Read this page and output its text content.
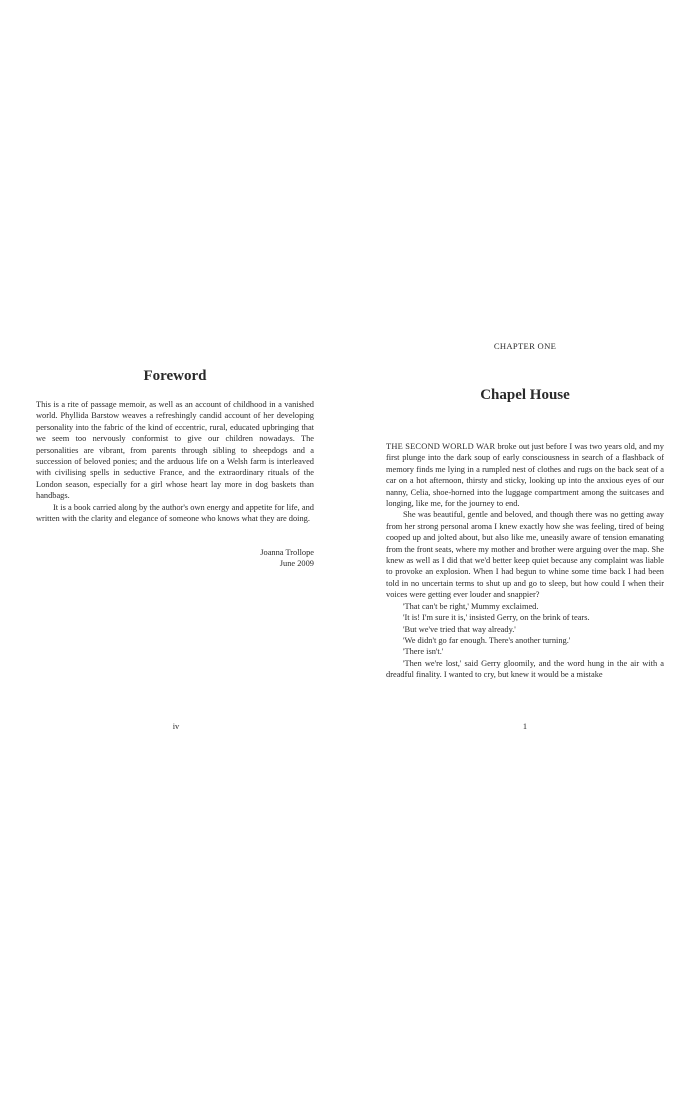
Foreword

This is a rite of passage memoir, as well as an account of childhood in a vanished world. Phyllida Barstow weaves a refreshingly candid account of her developing personality into the fabric of the kind of eccentric, rural, educated upbringing that we seem too nervously conformist to give our children nowadays. The personalities are vibrant, from parents through sibling to sheepdogs and a succession of beloved ponies; and the arduous life on a Welsh farm is interleaved with civilising spells in seductive France, and the extraordinary rituals of the London season, especially for a girl whose heart lay more in dog baskets than handbags.

It is a book carried along by the author's own energy and appetite for life, and written with the clarity and elegance of someone who knows what they are doing.

Joanna Trollope
June 2009
iv
CHAPTER ONE
Chapel House

THE SECOND WORLD WAR broke out just before I was two years old, and my first plunge into the dark soup of early consciousness in search of a flashback of memory finds me lying in a rumpled nest of clothes and rugs on the back seat of a car on a hot afternoon, thirsty and sticky, looking up into the anxious eyes of our nanny, Celia, shoe-horned into the luggage compartment among the suitcases and longing, like me, for the journey to end.

She was beautiful, gentle and beloved, and though there was no getting away from her strong personal aroma I knew exactly how she was feeling, tired of being cooped up and jolted about, but also like me, uneasily aware of tension emanating from the front seats, where my mother and brother were arguing over the map. She knew as well as I did that we'd better keep quiet because any complaint was liable to provoke an explosion. When I had begun to whine some time back I had been told in no uncertain terms to shut up and go to sleep, but how could I when their voices were getting ever louder and snappier?

'That can't be right,' Mummy exclaimed.

'It is! I'm sure it is,' insisted Gerry, on the brink of tears.

'But we've tried that way already.'

'We didn't go far enough. There's another turning.'

'There isn't.'

'Then we're lost,' said Gerry gloomily, and the word hung in the air with a dreadful finality. I wanted to cry, but knew it would be a mistake

1
